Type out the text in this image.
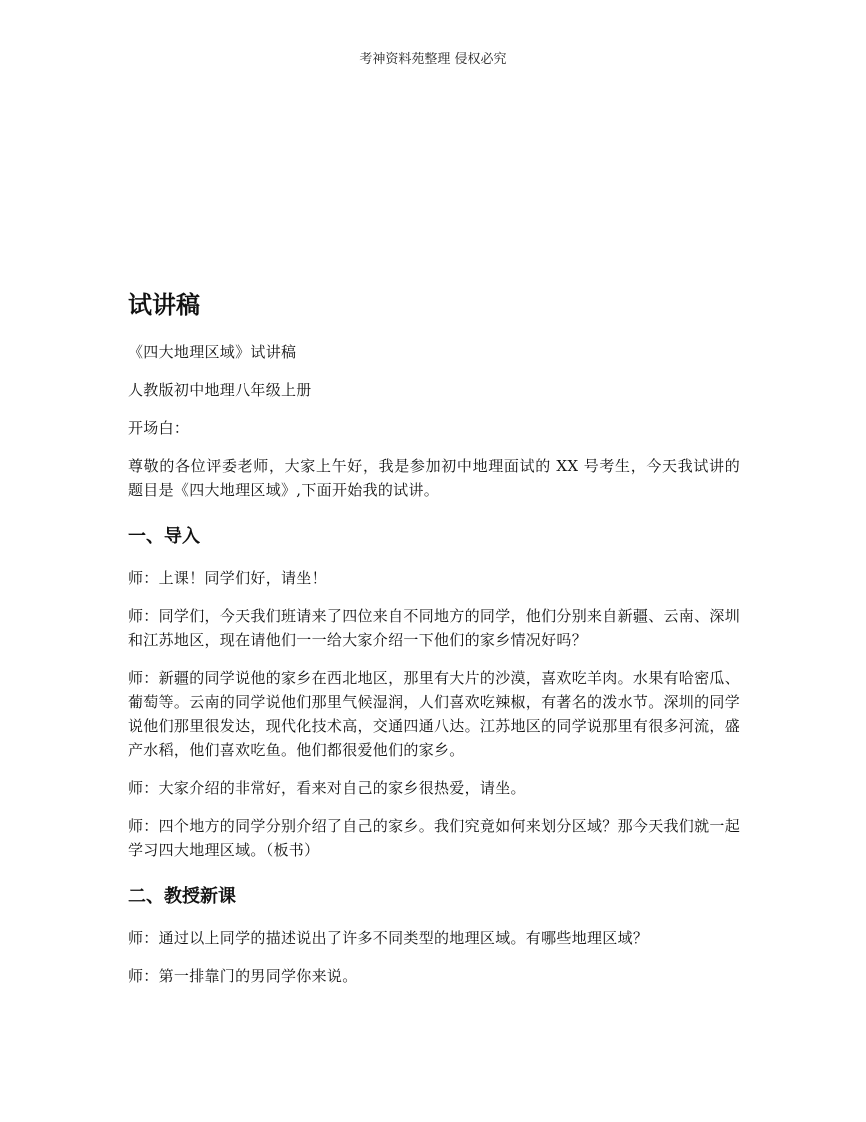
考神资料苑整理 侵权必究
试讲稿

《四大地理区域》试讲稿

人教版初中地理八年级上册

开场白：

尊敬的各位评委老师，大家上午好，我是参加初中地理面试的 XX 号考生，今天我试讲的题目是《四大地理区域》,下面开始我的试讲。

一、导入

师：上课！同学们好，请坐！

师：同学们，今天我们班请来了四位来自不同地方的同学，他们分别来自新疆、云南、深圳和江苏地区，现在请他们一一给大家介绍一下他们的家乡情况好吗？

师：新疆的同学说他的家乡在西北地区，那里有大片的沙漠，喜欢吃羊肉。水果有哈密瓜、葡萄等。云南的同学说他们那里气候湿润，人们喜欢吃辣椒，有著名的泼水节。深圳的同学说他们那里很发达，现代化技术高，交通四通八达。江苏地区的同学说那里有很多河流，盛产水稻，他们喜欢吃鱼。他们都很爱他们的家乡。

师：大家介绍的非常好，看来对自己的家乡很热爱，请坐。

师：四个地方的同学分别介绍了自己的家乡。我们究竟如何来划分区域？那今天我们就一起学习四大地理区域。（板书）

二、教授新课

师：通过以上同学的描述说出了许多不同类型的地理区域。有哪些地理区域？

师：第一排靠门的男同学你来说。
